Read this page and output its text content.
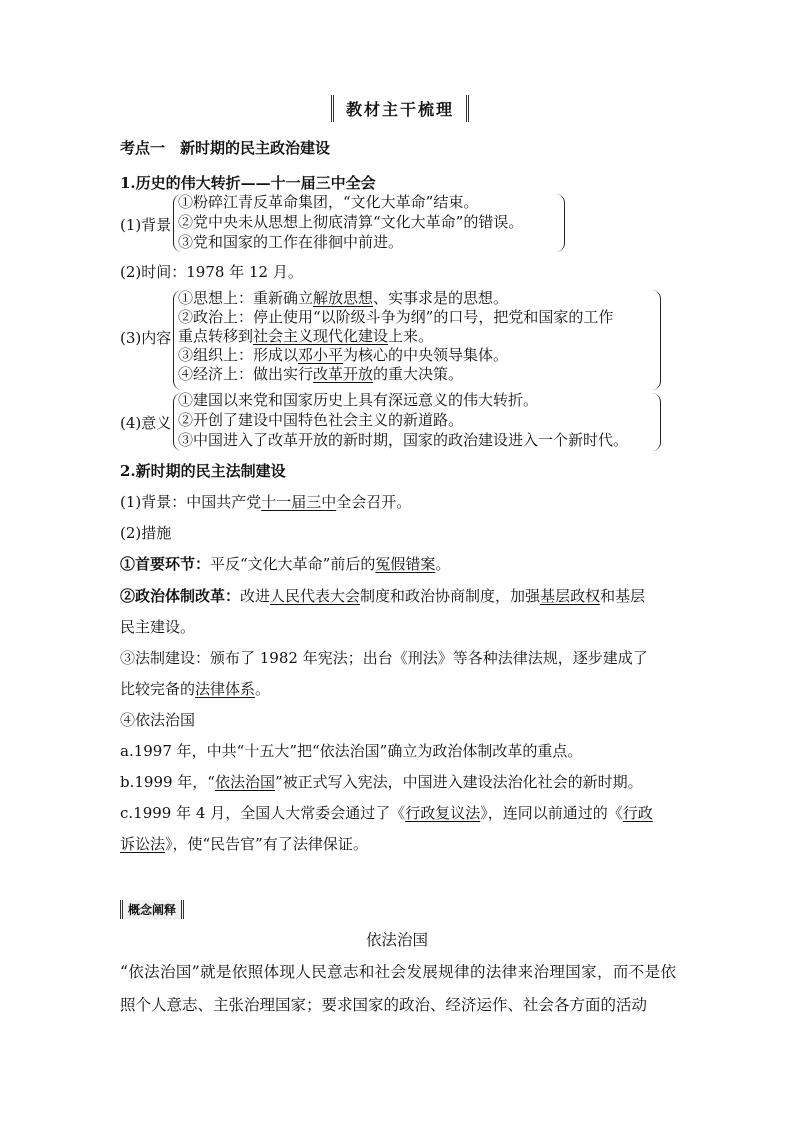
教材主干梳理
考点一　新时期的民主政治建设
1.历史的伟大转折——十一届三中全会
(1)背景
①粉碎江青反革命集团，“文化大革命”结束。
②党中央未从思想上彻底清算“文化大革命”的错误。
③党和国家的工作在徘徊中前进。
(2)时间：1978 年 12 月。
(3)内容
①思想上：重新确立解放思想、实事求是的思想。
②政治上：停止使用“以阶级斗争为纲”的口号，把党和国家的工作
重点转移到社会主义现代化建设上来。
③组织上：形成以邓小平为核心的中央领导集体。
④经济上：做出实行改革开放的重大决策。
(4)意义
①建国以来党和国家历史上具有深远意义的伟大转折。
②开创了建设中国特色社会主义的新道路。
③中国进入了改革开放的新时期，国家的政治建设进入一个新时代。
2.新时期的民主法制建设
(1)背景：中国共产党十一届三中全会召开。
(2)措施
①首要环节：平反“文化大革命”前后的冤假错案。
②政治体制改革：改进人民代表大会制度和政治协商制度，加强基层政权和基层
民主建设。
③法制建设：颁布了 1982 年宪法；出台《刑法》等各种法律法规，逐步建成了
比较完备的法律体系。
④依法治国
a.1997 年，中共“十五大”把“依法治国”确立为政治体制改革的重点。
b.1999 年，“依法治国”被正式写入宪法，中国进入建设法治化社会的新时期。
c.1999 年 4 月，全国人大常委会通过了《行政复议法》，连同以前通过的《行政
诉讼法》，使“民告官”有了法律保证。
概念阐释
依法治国
“依法治国”就是依照体现人民意志和社会发展规律的法律来治理国家，而不是依照个人意志、主张治理国家；要求国家的政治、经济运作、社会各方面的活动
